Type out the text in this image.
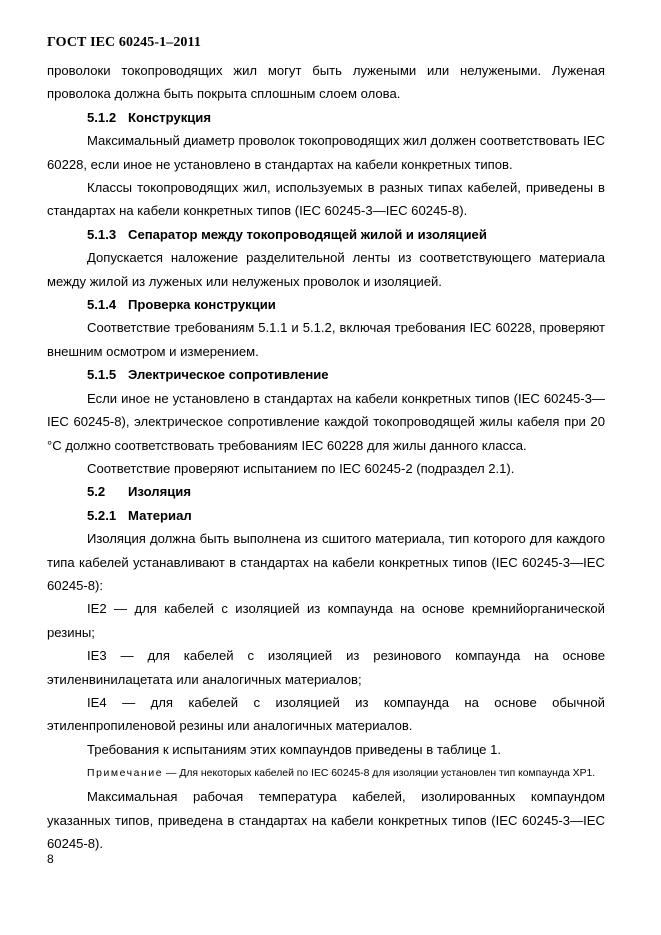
ГОСТ IEC 60245-1–2011

проволоки токопроводящих жил могут быть лужеными или нелужеными. Луженая проволока должна быть покрыта сплошным слоем олова.

5.1.2 Конструкция

Максимальный диаметр проволок токопроводящих жил должен соответствовать IEC 60228, если иное не установлено в стандартах на кабели конкретных типов.

Классы токопроводящих жил, используемых в разных типах кабелей, приведены в стандартах на кабели конкретных типов (IEC 60245-3—IEC 60245-8).

5.1.3 Сепаратор между токопроводящей жилой и изоляцией

Допускается наложение разделительной ленты из соответствующего материала между жилой из луженых или нелуженых проволок и изоляцией.

5.1.4 Проверка конструкции

Соответствие требованиям 5.1.1 и 5.1.2, включая требования IEC 60228, проверяют внешним осмотром и измерением.

5.1.5 Электрическое сопротивление

Если иное не установлено в стандартах на кабели конкретных типов (IEC 60245-3— IEC 60245-8), электрическое сопротивление каждой токопроводящей жилы кабеля при 20 °С должно соответствовать требованиям IEC 60228 для жилы данного класса.

Соответствие проверяют испытанием по IEC 60245-2 (подраздел 2.1).

5.2 Изоляция

5.2.1 Материал

Изоляция должна быть выполнена из сшитого материала, тип которого для каждого типа кабелей устанавливают в стандартах на кабели конкретных типов (IEC 60245-3—IEC 60245-8):

IE2 — для кабелей с изоляцией из компаунда на основе кремнийорганической резины;

IE3 — для кабелей с изоляцией из резинового компаунда на основе этиленвинилацетата или аналогичных материалов;

IE4 — для кабелей с изоляцией из компаунда на основе обычной этиленпропиленовой резины или аналогичных материалов.

Требования к испытаниям этих компаундов приведены в таблице 1.

Примечание — Для некоторых кабелей по IEC 60245-8 для изоляции установлен тип компаунда ХР1.

Максимальная рабочая температура кабелей, изолированных компаундом указанных типов, приведена в стандартах на кабели конкретных типов (IEC 60245-3—IEC 60245-8).

8
